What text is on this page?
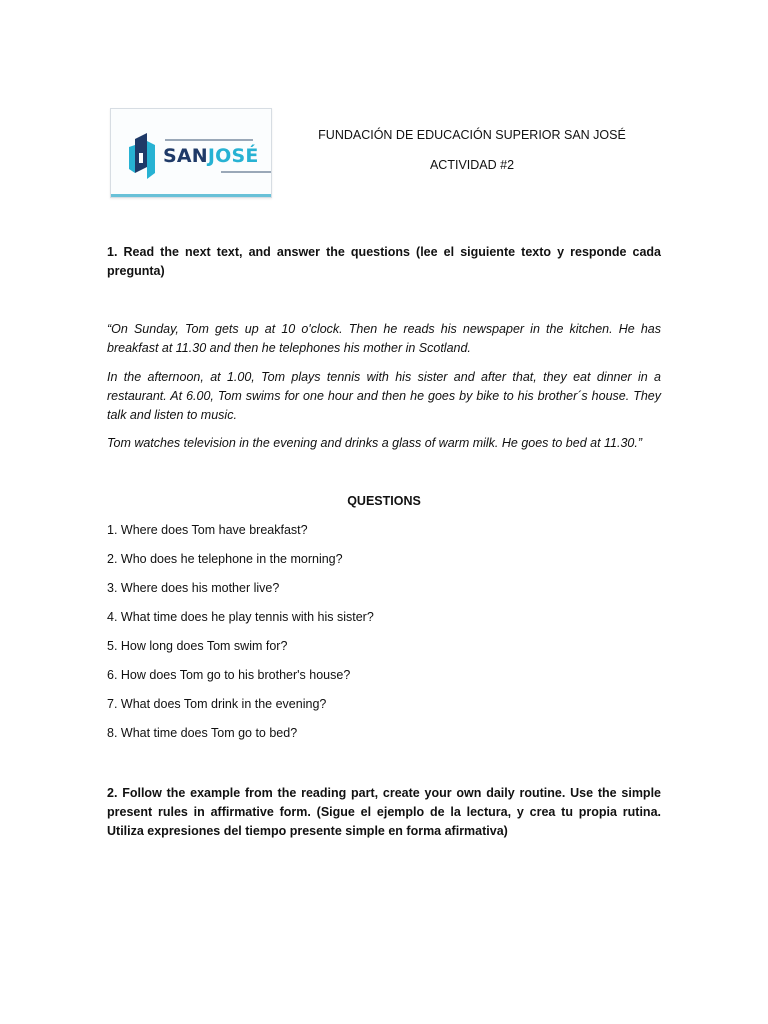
SANJOSÉ
FUNDACIÓN DE EDUCACIÓN SUPERIOR SAN JOSÉ
ACTIVIDAD #2
1. Read the next text, and answer the questions (lee el siguiente texto y responde cada pregunta)
“On Sunday, Tom gets up at 10 o'clock. Then he reads his newspaper in the kitchen. He has breakfast at 11.30 and then he telephones his mother in Scotland.
In the afternoon, at 1.00, Tom plays tennis with his sister and after that, they eat dinner in a restaurant. At 6.00, Tom swims for one hour and then he goes by bike to his brother´s house. They talk and listen to music.
Tom watches television in the evening and drinks a glass of warm milk. He goes to bed at 11.30.”
QUESTIONS
1. Where does Tom have breakfast?
2. Who does he telephone in the morning?
3. Where does his mother live?
4. What time does he play tennis with his sister?
5. How long does Tom swim for?
6. How does Tom go to his brother's house?
7. What does Tom drink in the evening?
8. What time does Tom go to bed?
2. Follow the example from the reading part, create your own daily routine. Use the simple present rules in affirmative form. (Sigue el ejemplo de la lectura, y crea tu propia rutina. Utiliza expresiones del tiempo presente simple en forma afirmativa)
